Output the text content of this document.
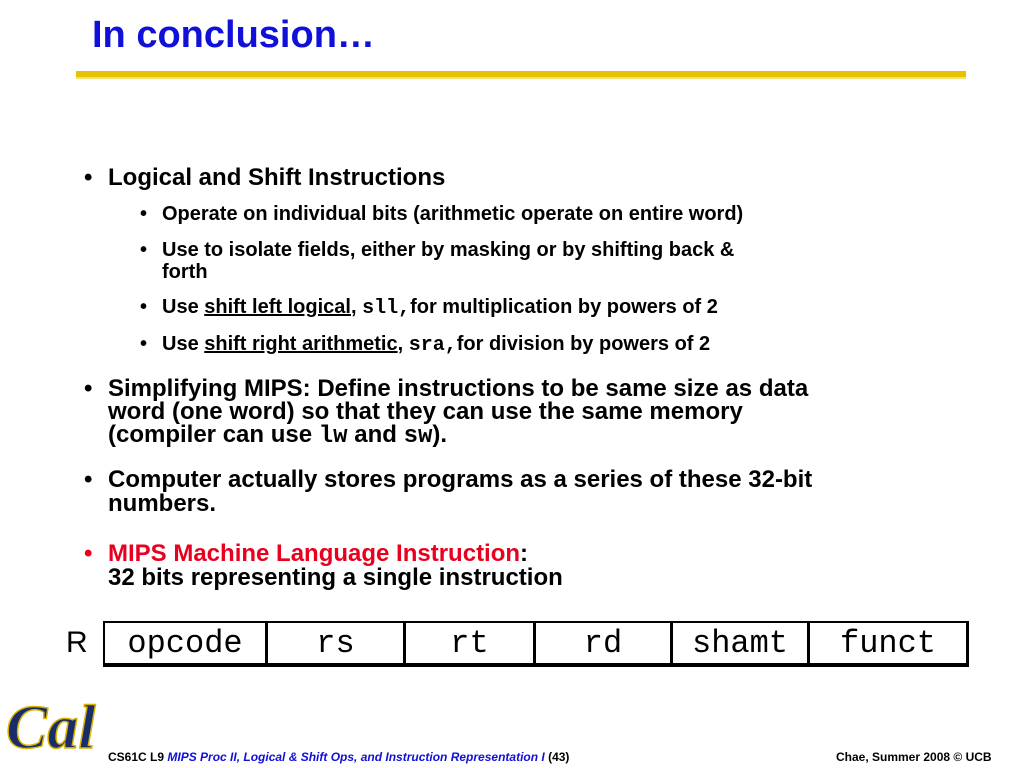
In conclusion…
• Logical and Shift Instructions
• Operate on individual bits (arithmetic operate on entire word)
• Use to isolate fields, either by masking or by shifting back &
forth
• Use shift left logical, sll,for multiplication by powers of 2
• Use shift right arithmetic, sra,for division by powers of 2
• Simplifying MIPS: Define instructions to be same size as data
word (one word) so that they can use the same memory
(compiler can use lw and sw).
• Computer actually stores programs as a series of these 32-bit
numbers.
• MIPS Machine Language Instruction:
32 bits representing a single instruction
R	opcode	rs	rt	rd	shamt	funct
Cal CS61C L9 MIPS Proc II, Logical & Shift Ops, and Instruction Representation I (43)	Chae, Summer 2008 © UCB
